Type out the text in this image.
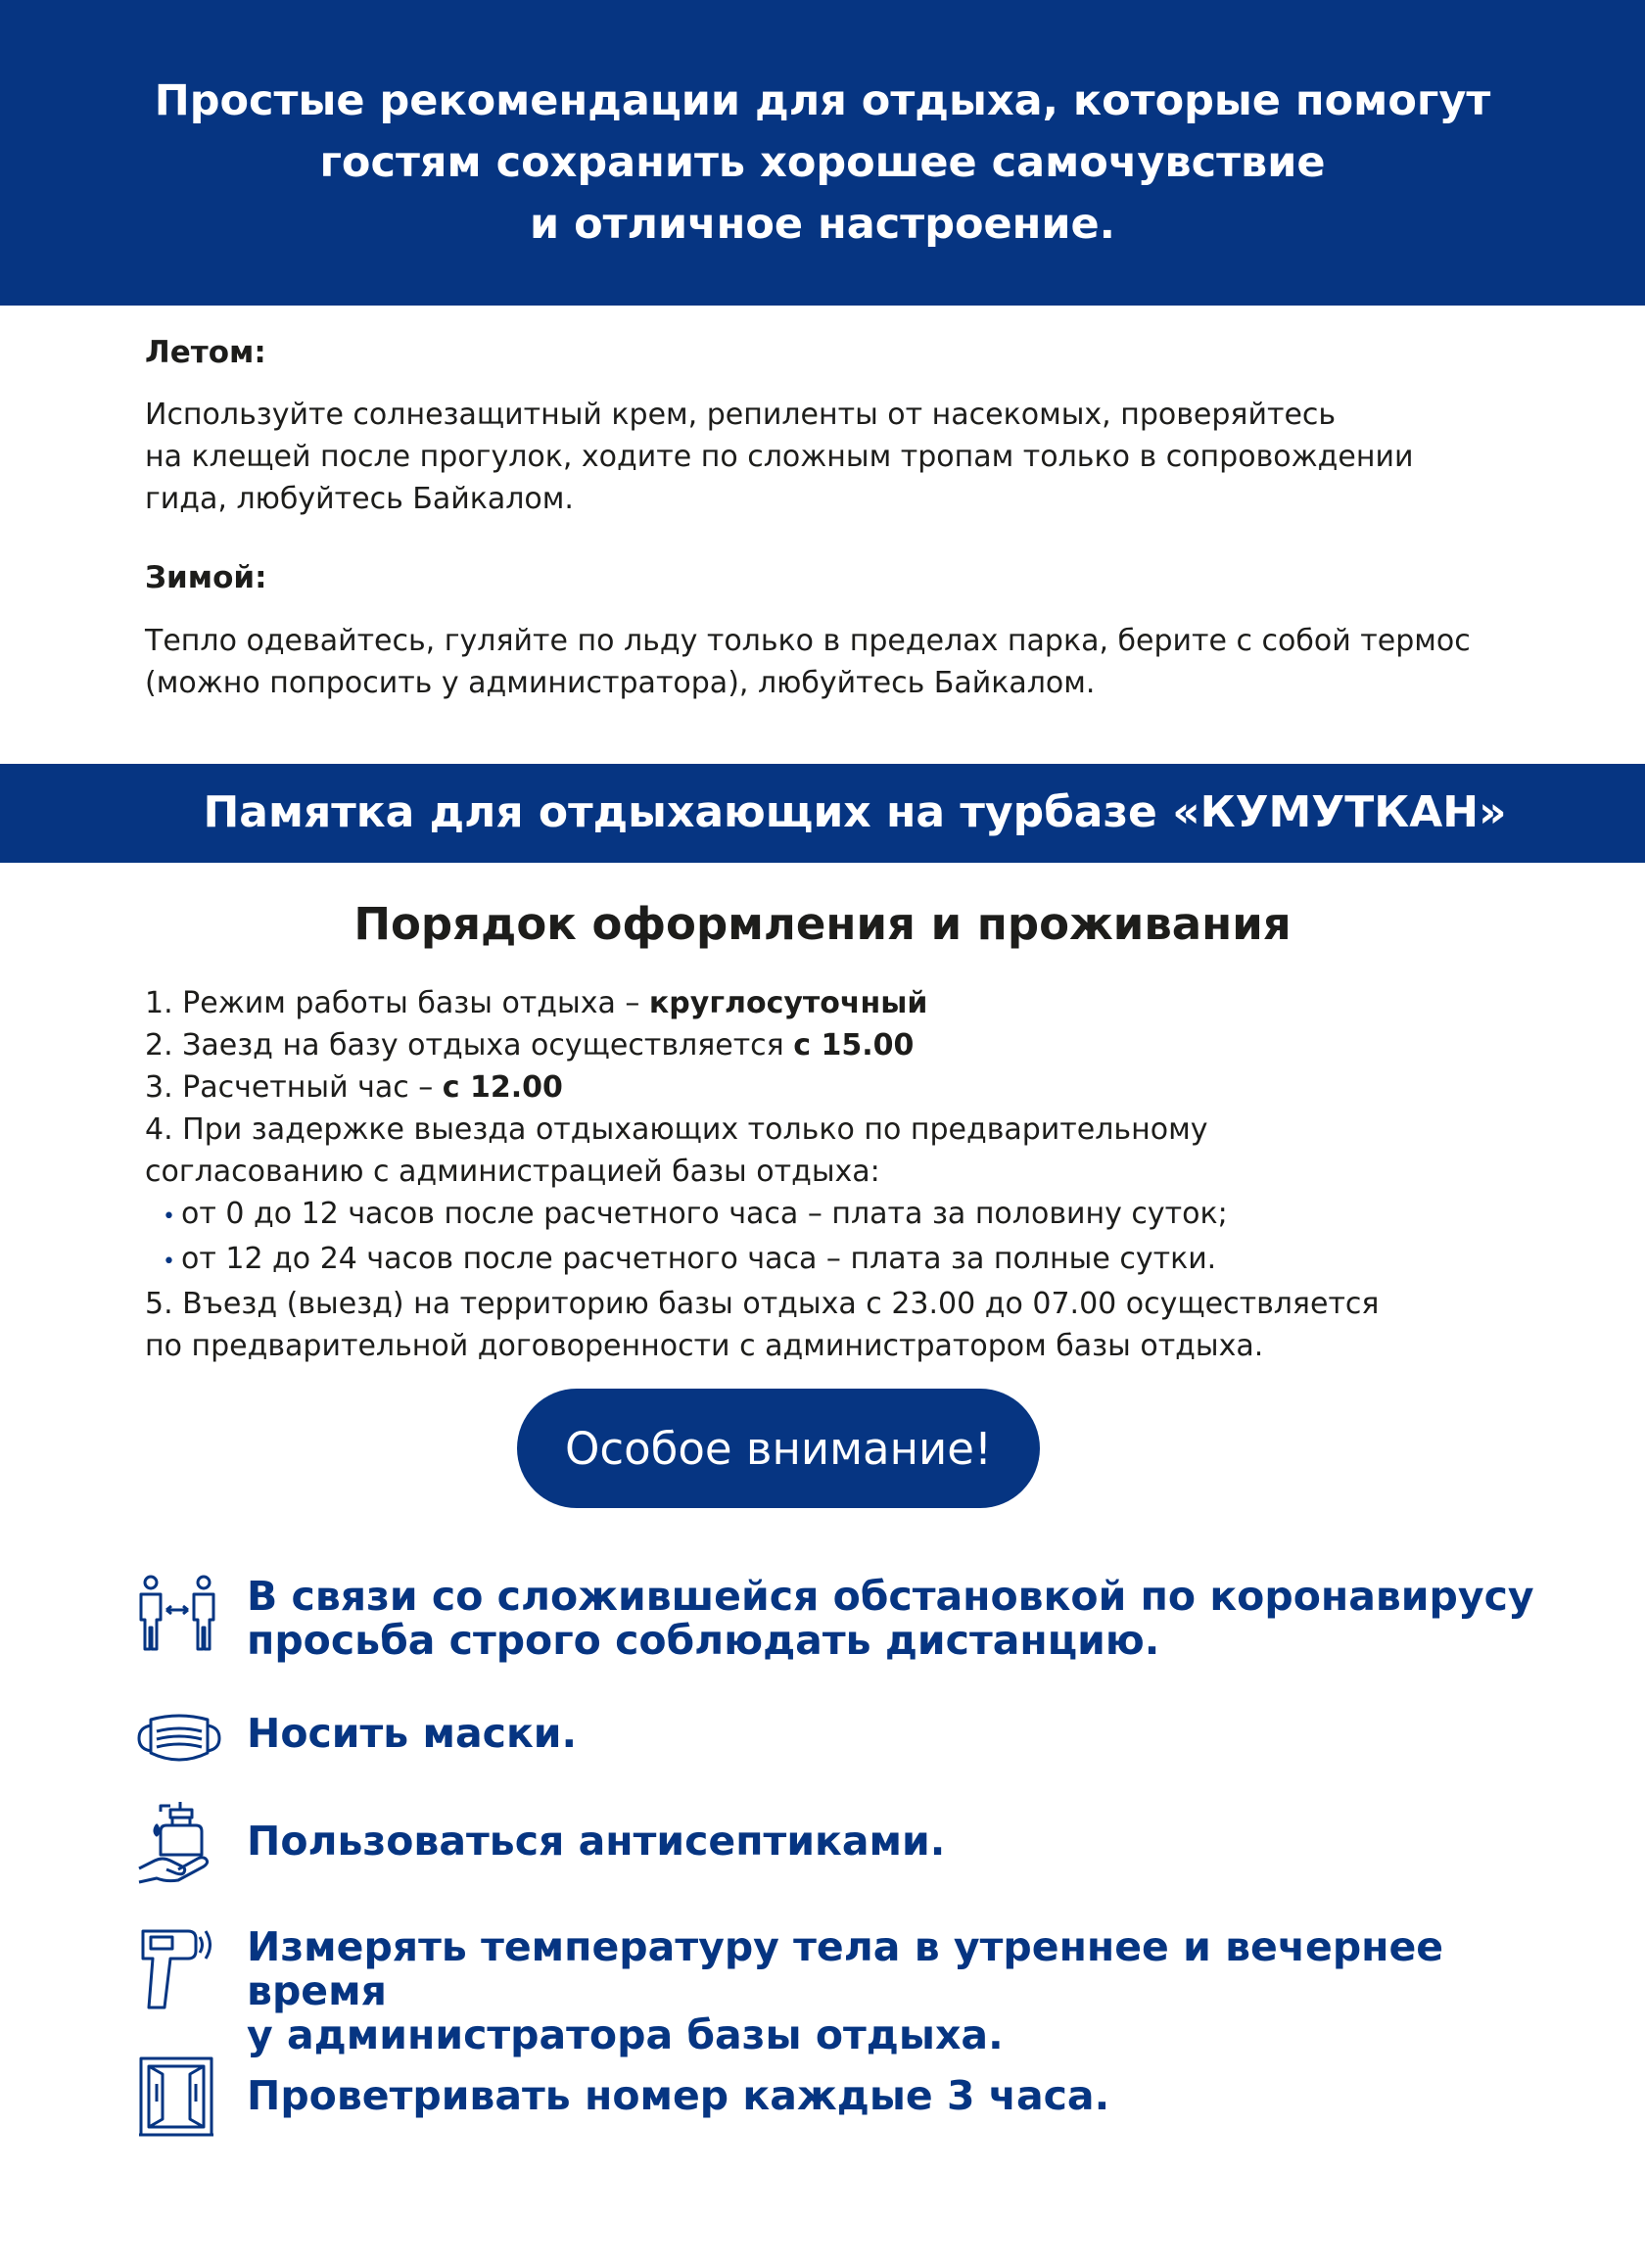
Простые рекомендации для отдыха, которые помогут
гостям сохранить хорошее самочувствие
и отличное настроение.
Летом:

Используйте солнезащитный крем, репиленты от насекомых, проверяйтесь
на клещей после прогулок, ходите по сложным тропам только в сопровождении
гида, любуйтесь Байкалом.

Зимой:

Тепло одевайтесь, гуляйте по льду только в пределах парка, берите с собой термос
(можно попросить у администратора), любуйтесь Байкалом.

Памятка для отдыхающих на турбазе «КУМУТКАН»
Порядок оформления и проживания

1. Режим работы базы отдыха – круглосуточный

2. Заезд на базу отдыха осуществляется с 15.00

3. Расчетный час – с 12.00

4. При задержке выезда отдыхающих только по предварительному
согласованию с администрацией базы отдыха:

• от 0 до 12 часов после расчетного часа – плата за половину суток;

• от 12 до 24 часов после расчетного часа – плата за полные сутки.

5. Въезд (выезд) на территорию базы отдыха с 23.00 до 07.00 осуществляется
по предварительной договоренности с администратором базы отдыха.

Особое внимание!

В связи со сложившейся обстановкой по коронавирусу
просьба строго соблюдать дистанцию.

Носить маски.

Пользоваться антисептиками.

Измерять температуру тела в утреннее и вечернее время
у администратора базы отдыха.

Проветривать номер каждые 3 часа.
